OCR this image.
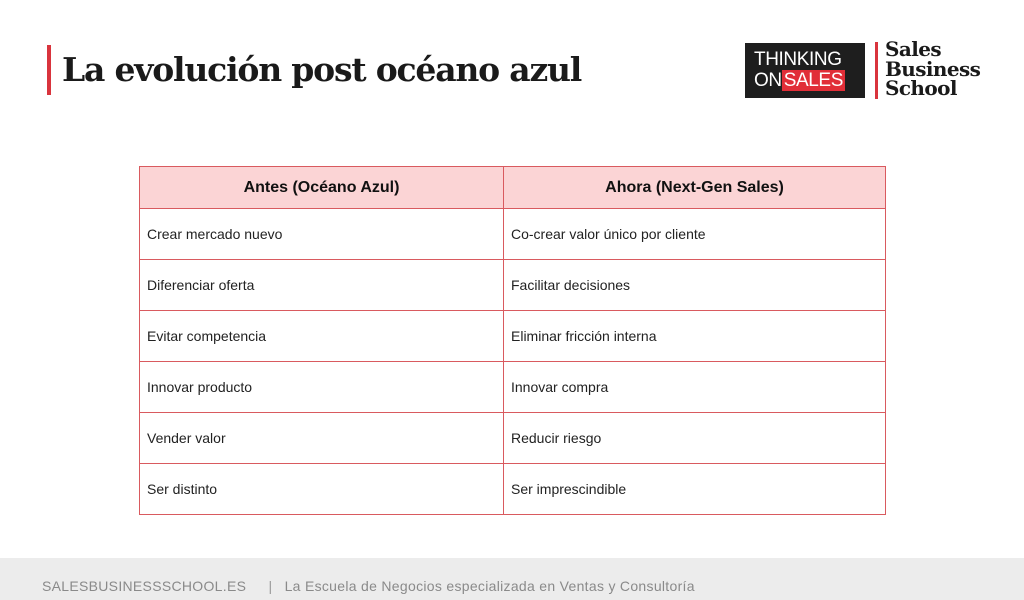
La evolución post océano azul	THINKING
ON SALES
Sales
Business
School
Antes (Océano Azul)	Ahora (Next-Gen Sales)
Crear mercado nuevo	Co-crear valor único por cliente
Diferenciar oferta	Facilitar decisiones
Evitar competencia	Eliminar fricción interna
Innovar producto	Innovar compra
Vender valor	Reducir riesgo
Ser distinto	Ser imprescindible
SALESBUSINESSSCHOOL.ES | La Escuela de Negocios especializada en Ventas y Consultoría
